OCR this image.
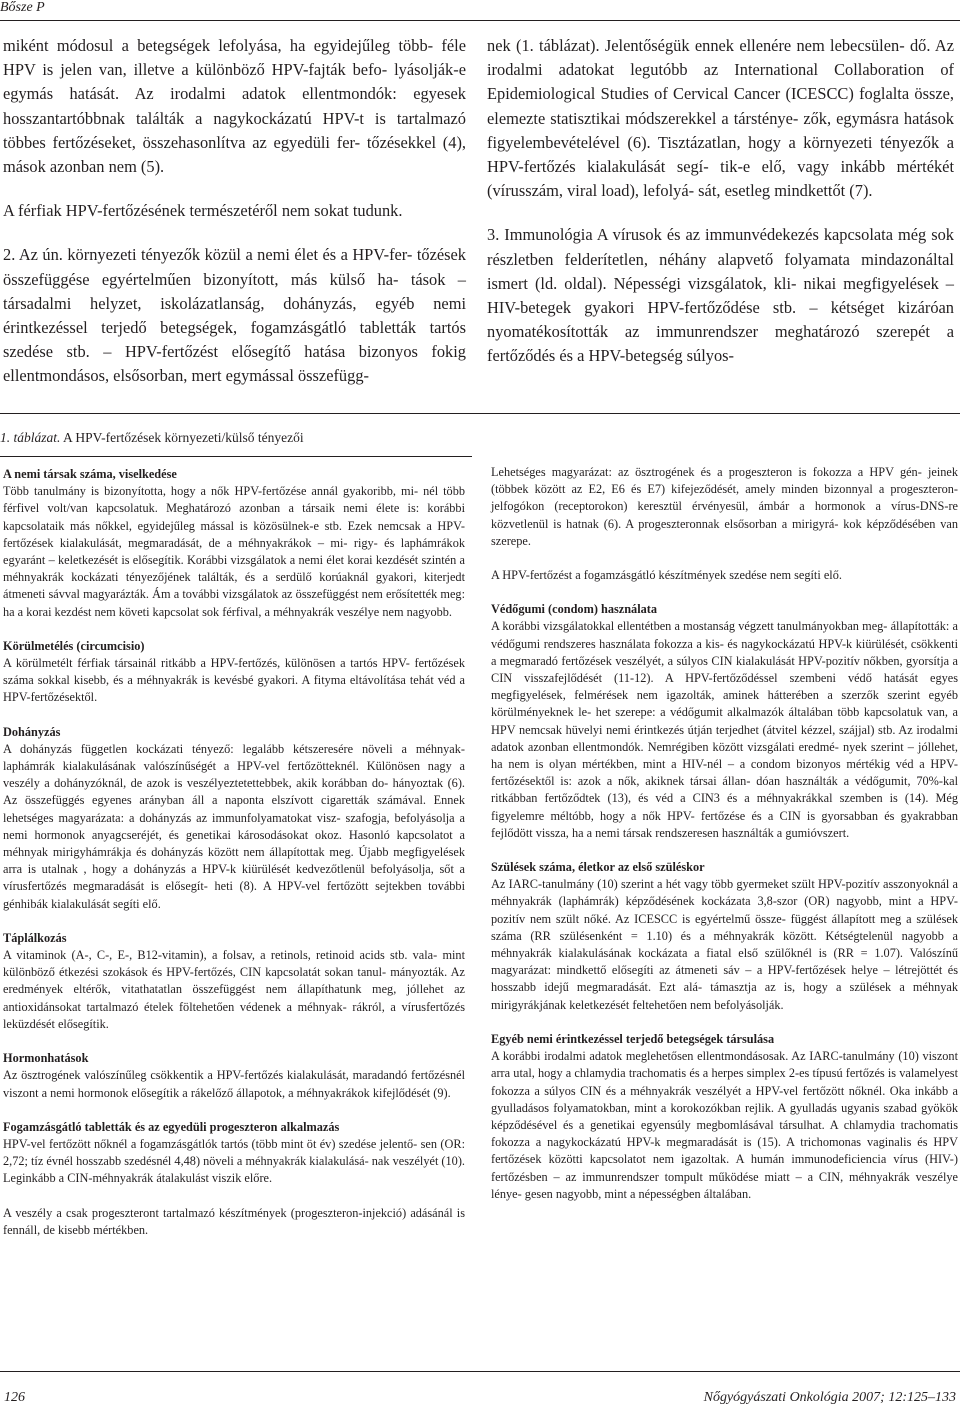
Bősze P

miként módosul a betegségek lefolyása, ha egyidejűleg több- féle HPV is jelen van, illetve a különböző HPV-fajták befo- lyásolják-e egymás hatását. Az irodalmi adatok ellentmondók: egyesek hosszantartóbbnak találták a nagykockázatú HPV-t is tartalmazó többes fertőzéseket, összehasonlítva az egyedüli fer- tőzésekkel (4), mások azonban nem (5).

A férfiak HPV-fertőzésének természetéről nem sokat tudunk.

2. Az ún. környezeti tényezők közül a nemi élet és a HPV-fer- tőzések összefüggése egyértelműen bizonyított, más külső ha- tások – társadalmi helyzet, iskolázatlanság, dohányzás, egyéb nemi érintkezéssel terjedő betegségek, fogamzásgátló tabletták tartós szedése stb. – HPV-fertőzést elősegítő hatása bizonyos fokig ellentmondásos, elsősorban, mert egymással összefügg-

nek (1. táblázat). Jelentőségük ennek ellenére nem lebecsülen- dő. Az irodalmi adatokat legutóbb az International Collaboration of Epidemiological Studies of Cervical Cancer (ICESCC) foglalta össze, elemezte statisztikai módszerekkel a társténye- zők, egymásra hatások figyelembevételével (6). Tisztázatlan, hogy a környezeti tényezők a HPV-fertőzés kialakulását segí- tik-e elő, vagy inkább mértékét (vírusszám, viral load), lefolyá- sát, esetleg mindkettőt (7).

3. Immunológia A vírusok és az immunvédekezés kapcsolata még sok részletben felderítetlen, néhány alapvető folyamata mindazonáltal ismert (ld. oldal). Népességi vizsgálatok, kli- nikai megfigyelések – HIV-betegek gyakori HPV-fertőződése stb. – kétséget kizáróan nyomatékosították az immunrendszer meghatározó szerepét a fertőződés és a HPV-betegség súlyos-

1. táblázat. A HPV-fertőzések környezeti/külső tényezői
A nemi társak száma, viselkedése

Több tanulmány is bizonyította, hogy a nők HPV-fertőzése annál gyakoribb, mi- nél több férfivel volt/van kapcsolatuk. Meghatározó azonban a társaik nemi élete is: korábbi kapcsolataik más nőkkel, egyidejűleg mással is közösülnek-e stb. Ezek nemcsak a HPV-fertőzések kialakulását, megmaradását, de a méhnyakrákok – mi- rigy- és laphámrákok egyaránt – keletkezését is elősegítik. Korábbi vizsgálatok a nemi élet korai kezdését szintén a méhnyakrák kockázati tényezőjének találták, és a serdülő korúaknál gyakori, kiterjedt átmeneti sávval magyarázták. Ám a további vizsgálatok az összefüggést nem erősítették meg: ha a korai kezdést nem követi kapcsolat sok férfival, a méhnyakrák veszélye nem nagyobb.

Körülmetélés (circumcisio)

A körülmetélt férfiak társainál ritkább a HPV-fertőzés, különösen a tartós HPV- fertőzések száma sokkal kisebb, és a méhnyakrák is kevésbé gyakori. A fityma eltávolítása tehát véd a HPV-fertőzésektől.

Dohányzás

A dohányzás független kockázati tényező: legalább kétszeresére növeli a méhnyak- laphámrák kialakulásának valószínűségét a HPV-vel fertőzötteknél. Különösen nagy a veszély a dohányzóknál, de azok is veszélyeztetettebbek, akik korábban do- hányoztak (6). Az összefüggés egyenes arányban áll a naponta elszívott cigaretták számával. Ennek lehetséges magyarázata: a dohányzás az immunfolyamatokat visz- szafogja, befolyásolja a nemi hormonok anyagcseréjét, és genetikai károsodásokat okoz. Hasonló kapcsolatot a méhnyak mirigyhámrákja és dohányzás között nem állapítottak meg. Újabb megfigyelések arra is utalnak , hogy a dohányzás a HPV-k kiürülését kedvezőtlenül befolyásolja, sőt a vírusfertőzés megmaradását is elősegít- heti (8). A HPV-vel fertőzött sejtekben további génhibák kialakulását segíti elő.

Táplálkozás

A vitaminok (A-, C-, E-, B12-vitamin), a folsav, a retinols, retinoid acids stb. vala- mint különböző étkezési szokások és HPV-fertőzés, CIN kapcsolatát sokan tanul- mányozták. Az eredmények eltérők, vitathatatlan összefüggést nem állapíthatunk meg, jóllehet az antioxidánsokat tartalmazó ételek föltehetően védenek a méhnyak- rákról, a vírusfertőzés leküzdését elősegítik.

Hormonhatások

Az ösztrogének valószínűleg csökkentik a HPV-fertőzés kialakulását, maradandó fertőzésnél viszont a nemi hormonok elősegítik a rákelőző állapotok, a méhnyakrákok kifejlődését (9).

Fogamzásgátló tabletták és az egyedüli progeszteron alkalmazás

HPV-vel fertőzött nőknél a fogamzásgátlók tartós (több mint öt év) szedése jelentő- sen (OR: 2,72; tíz évnél hosszabb szedésnél 4,48) növeli a méhnyakrák kialakulásá- nak veszélyét (10). Leginkább a CIN-méhnyakrák átalakulást viszik előre.

A veszély a csak progeszteront tartalmazó készítmények (progeszteron-injekció) adásánál is fennáll, de kisebb mértékben.

Lehetséges magyarázat: az ösztrogének és a progeszteron is fokozza a HPV gén- jeinek (többek között az E2, E6 és E7) kifejeződését, amely minden bizonnyal a progeszteron-jelfogókon (receptorokon) keresztül érvényesül, ámbár a hormonok a vírus-DNS-re közvetlenül is hatnak (6). A progeszteronnak elsősorban a mirigyrá- kok képződésében van szerepe.

A HPV-fertőzést a fogamzásgátló készítmények szedése nem segíti elő.

Védőgumi (condom) használata

A korábbi vizsgálatokkal ellentétben a mostanság végzett tanulmányokban meg- állapították: a védőgumi rendszeres használata fokozza a kis- és nagykockázatú HPV-k kiürülését, csökkenti a megmaradó fertőzések veszélyét, a súlyos CIN kialakulását HPV-pozitív nőkben, gyorsítja a CIN visszafejlődését (11-12). A HPV-fertőződéssel szembeni védő hatását egyes megfigyelések, felmérések nem igazolták, aminek hátterében a szerzők szerint egyéb körülményeknek le- het szerepe: a védőgumit alkalmazók általában több kapcsolatuk van, a HPV nemcsak hüvelyi nemi érintkezés útján terjedhet (átvitel kézzel, szájjal) stb. Az irodalmi adatok azonban ellentmondók. Nemrégiben között vizsgálati eredmé- nyek szerint – jóllehet, ha nem is olyan mértékben, mint a HIV-nél – a condom bizonyos mértékig véd a HPV-fertőzésektől is: azok a nők, akiknek társai állan- dóan használták a védőgumit, 70%-kal ritkábban fertőződtek (13), és véd a CIN3 és a méhnyakrákkal szemben is (14). Még figyelemre méltóbb, hogy a nők HPV- fertőzése és a CIN is gyorsabban és gyakrabban fejlődött vissza, ha a nemi társak rendszeresen használták a gumióvszert.

Szülések száma, életkor az első szüléskor

Az IARC-tanulmány (10) szerint a hét vagy több gyermeket szült HPV-pozitív asszonyoknál a méhnyakrák (laphámrák) képződésének kockázata 3,8-szor (OR) nagyobb, mint a HPV-pozitív nem szült nőké. Az ICESCC is egyértelmű össze- függést állapított meg a szülések száma (RR szülésenként = 1.10) és a méhnyakrák között. Kétségtelenül nagyobb a méhnyakrák kialakulásának kockázata a fiatal első szülőknél is (RR = 1.07). Valószínű magyarázat: mindkettő elősegíti az átmeneti sáv – a HPV-fertőzések helye – létrejöttét és hosszabb idejű megmaradását. Ezt alá- támasztja az is, hogy a szülések a méhnyak mirigyrákjának keletkezését feltehetően nem befolyásolják.

Egyéb nemi érintkezéssel terjedő betegségek társulása

A korábbi irodalmi adatok meglehetősen ellentmondásosak. Az IARC-tanulmány (10) viszont arra utal, hogy a chlamydia trachomatis és a herpes simplex 2-es típusú fertőzés is valamelyest fokozza a súlyos CIN és a méhnyakrák veszélyét a HPV-vel fertőzött nőknél. Oka inkább a gyulladásos folyamatokban, mint a korokozókban rejlik. A gyulladás ugyanis szabad gyökök képződésével és a genetikai egyensúly megbomlásával társulhat. A chlamydia trachomatis fokozza a nagykockázatú HPV-k megmaradását is (15). A trichomonas vaginalis és HPV fertőzések közötti kapcsolatot nem igazoltak. A humán immunodeficiencia vírus (HIV-) fertőzésben – az immunrendszer tompult működése miatt – a CIN, méhnyakrák veszélye lénye- gesen nagyobb, mint a népességben általában.

126	Nőgyógyászati Onkológia 2007; 12:125–133
